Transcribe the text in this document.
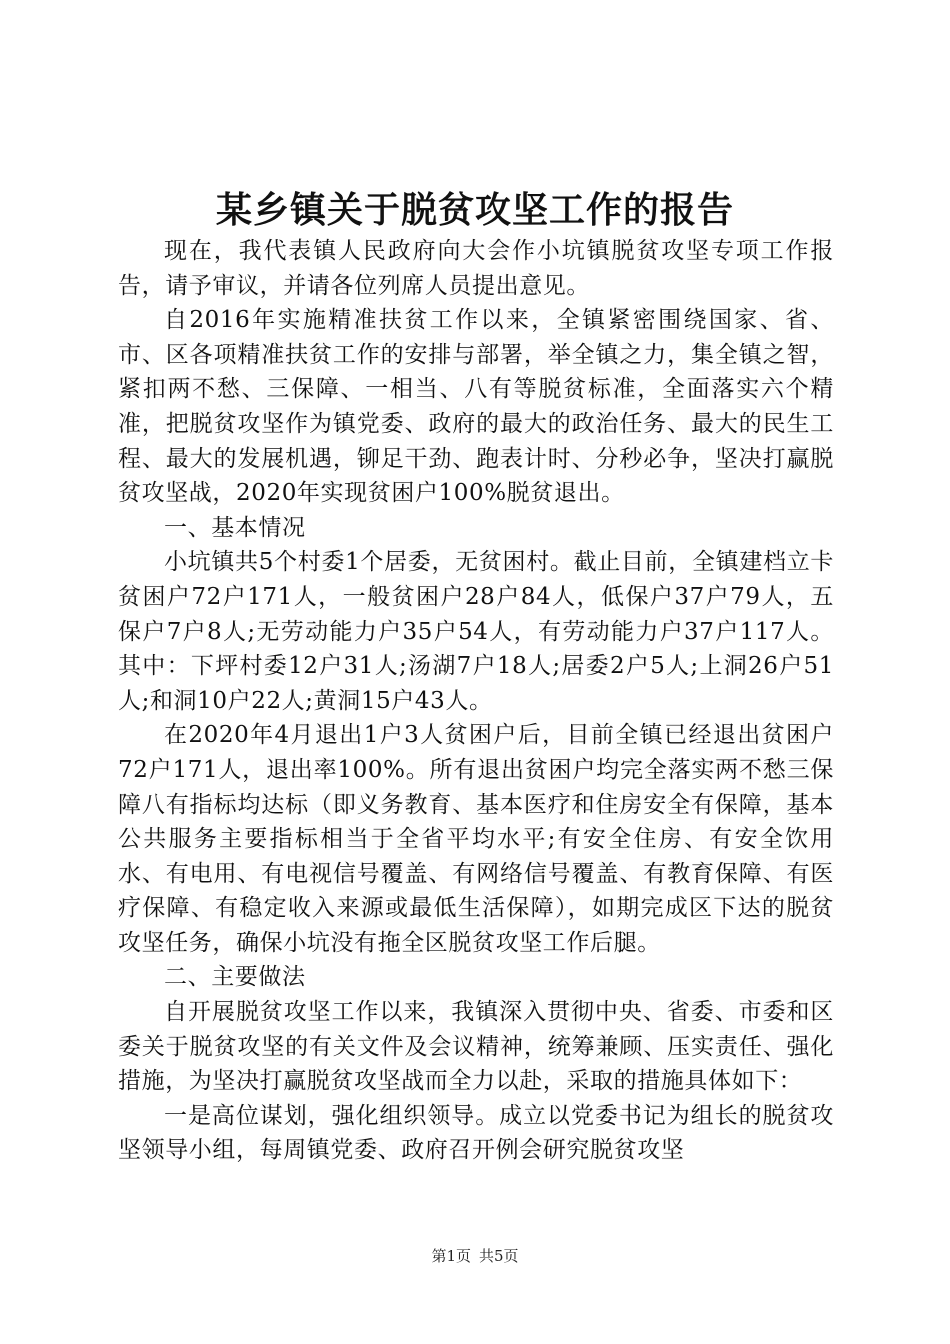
某乡镇关于脱贫攻坚工作的报告

现在，我代表镇人民政府向大会作小坑镇脱贫攻坚专项工作报告，请予审议，并请各位列席人员提出意见。

自2016年实施精准扶贫工作以来，全镇紧密围绕国家、省、市、区各项精准扶贫工作的安排与部署，举全镇之力，集全镇之智，紧扣两不愁、三保障、一相当、八有等脱贫标准，全面落实六个精准，把脱贫攻坚作为镇党委、政府的最大的政治任务、最大的民生工程、最大的发展机遇，铆足干劲、跑表计时、分秒必争，坚决打赢脱贫攻坚战，2020年实现贫困户100%脱贫退出。

一、基本情况

小坑镇共5个村委1个居委，无贫困村。截止目前，全镇建档立卡贫困户72户171人，一般贫困户28户84人，低保户37户79人，五保户7户8人;无劳动能力户35户54人，有劳动能力户37户117人。其中：下坪村委12户31人;汤湖7户18人;居委2户5人;上洞26户51人;和洞10户22人;黄洞15户43人。

在2020年4月退出1户3人贫困户后，目前全镇已经退出贫困户72户171人，退出率100%。所有退出贫困户均完全落实两不愁三保障八有指标均达标（即义务教育、基本医疗和住房安全有保障，基本公共服务主要指标相当于全省平均水平;有安全住房、有安全饮用水、有电用、有电视信号覆盖、有网络信号覆盖、有教育保障、有医疗保障、有稳定收入来源或最低生活保障），如期完成区下达的脱贫攻坚任务，确保小坑没有拖全区脱贫攻坚工作后腿。

二、主要做法

自开展脱贫攻坚工作以来，我镇深入贯彻中央、省委、市委和区委关于脱贫攻坚的有关文件及会议精神，统筹兼顾、压实责任、强化措施，为坚决打赢脱贫攻坚战而全力以赴，采取的措施具体如下：

一是高位谋划，强化组织领导。成立以党委书记为组长的脱贫攻坚领导小组，每周镇党委、政府召开例会研究脱贫攻坚

第1页 共5页
